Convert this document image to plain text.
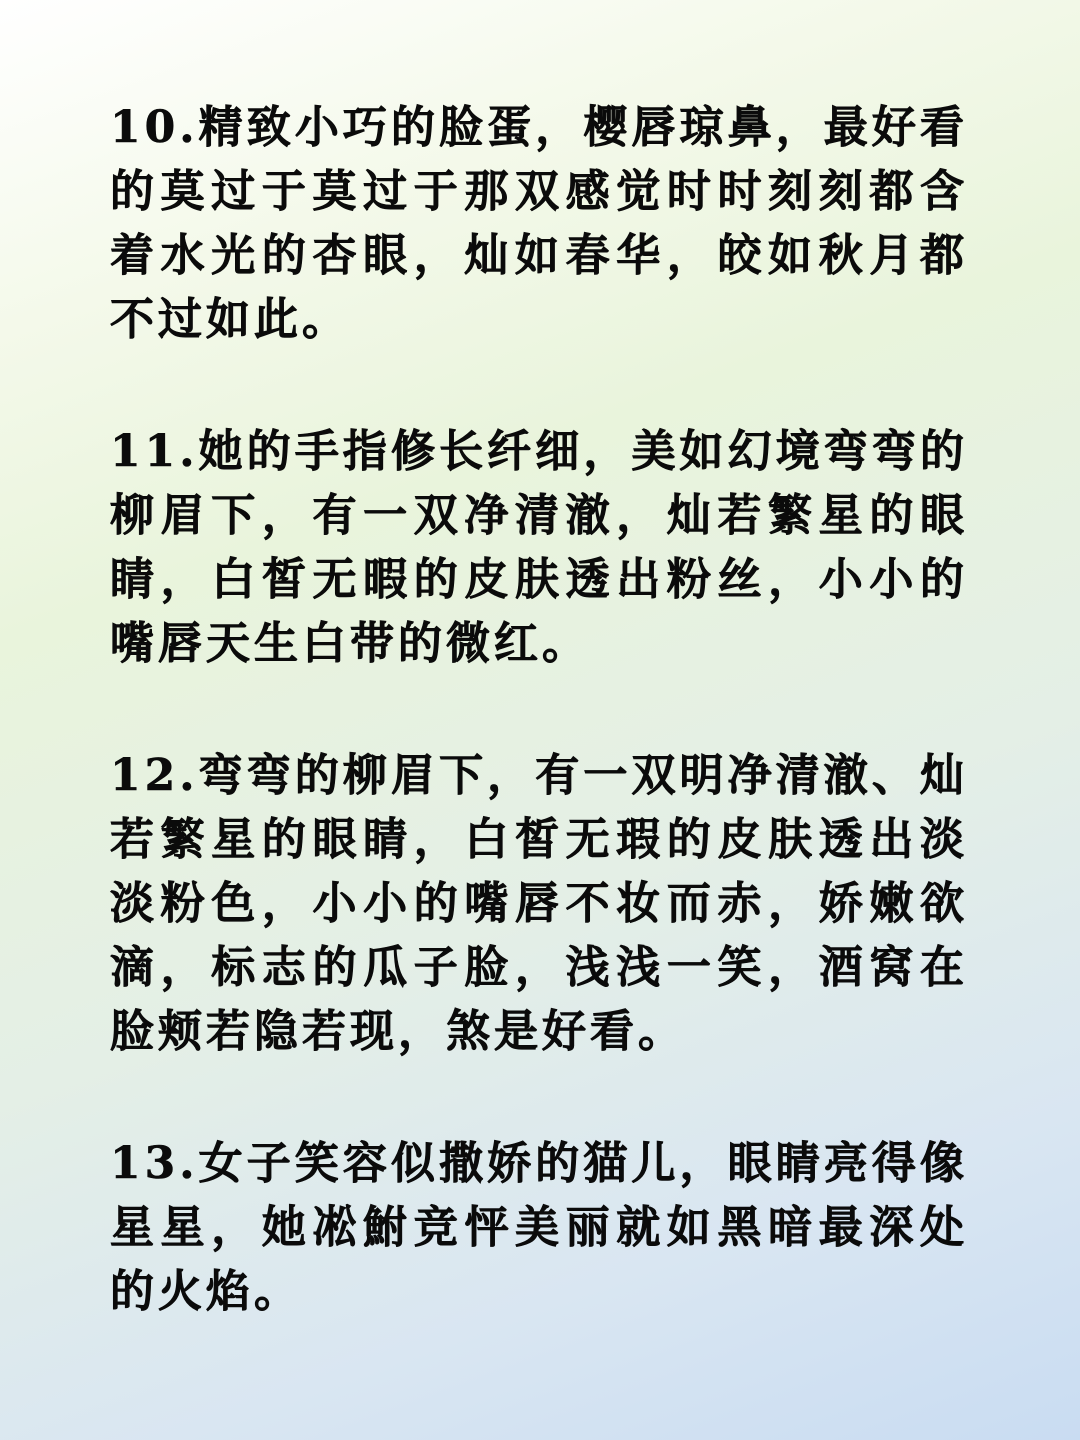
10.精致小巧的脸蛋，樱唇琼鼻，最好看的莫过于莫过于那双感觉时时刻刻都含着水光的杏眼，灿如春华，皎如秋月都不过如此。

11.她的手指修长纤细，美如幻境弯弯的柳眉下，有一双净清澈，灿若繁星的眼睛，白皙无暇的皮肤透出粉丝，小小的嘴唇天生白带的微红。

12.弯弯的柳眉下，有一双明净清澈、灿若繁星的眼睛，白皙无瑕的皮肤透出淡淡粉色，小小的嘴唇不妆而赤，娇嫩欲滴，标志的瓜子脸，浅浅一笑，酒窝在脸颊若隐若现，煞是好看。

13.女子笑容似撒娇的猫儿，眼睛亮得像星星，她凇鮒竞怦美丽就如黑暗最深处的火焰。
